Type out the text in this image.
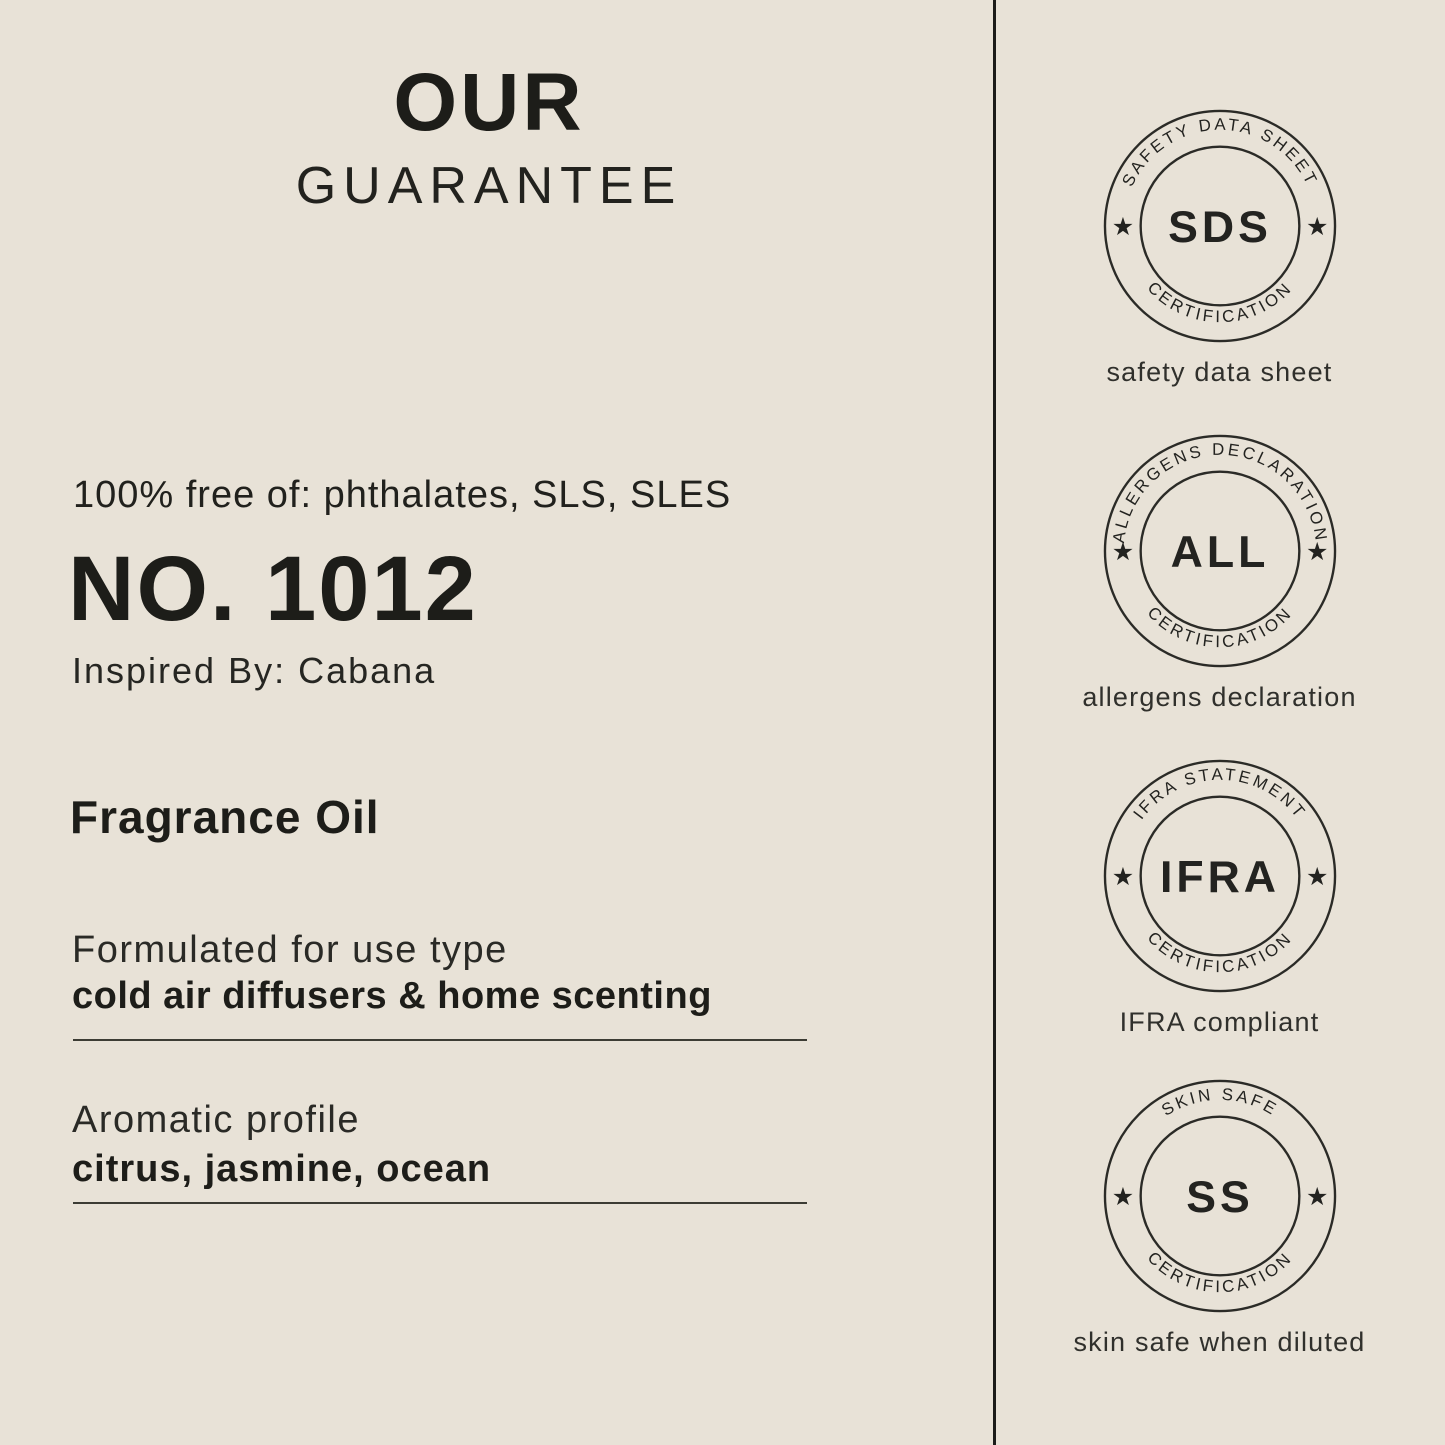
OUR
GUARANTEE
100% free of: phthalates, SLS, SLES
NO. 1012
Inspired By: Cabana
Fragrance Oil
Formulated for use type
cold air diffusers & home scenting
Aromatic profile
citrus, jasmine, ocean
SAFETY DATA SHEET
CERTIFICATION
★	★
SDS
safety data sheet
ALLERGENS DECLARATION
CERTIFICATION
★	★
ALL
allergens declaration
IFRA STATEMENT
CERTIFICATION
★	★
IFRA
IFRA compliant
SKIN SAFE
CERTIFICATION
★	★
SS
skin safe when diluted
